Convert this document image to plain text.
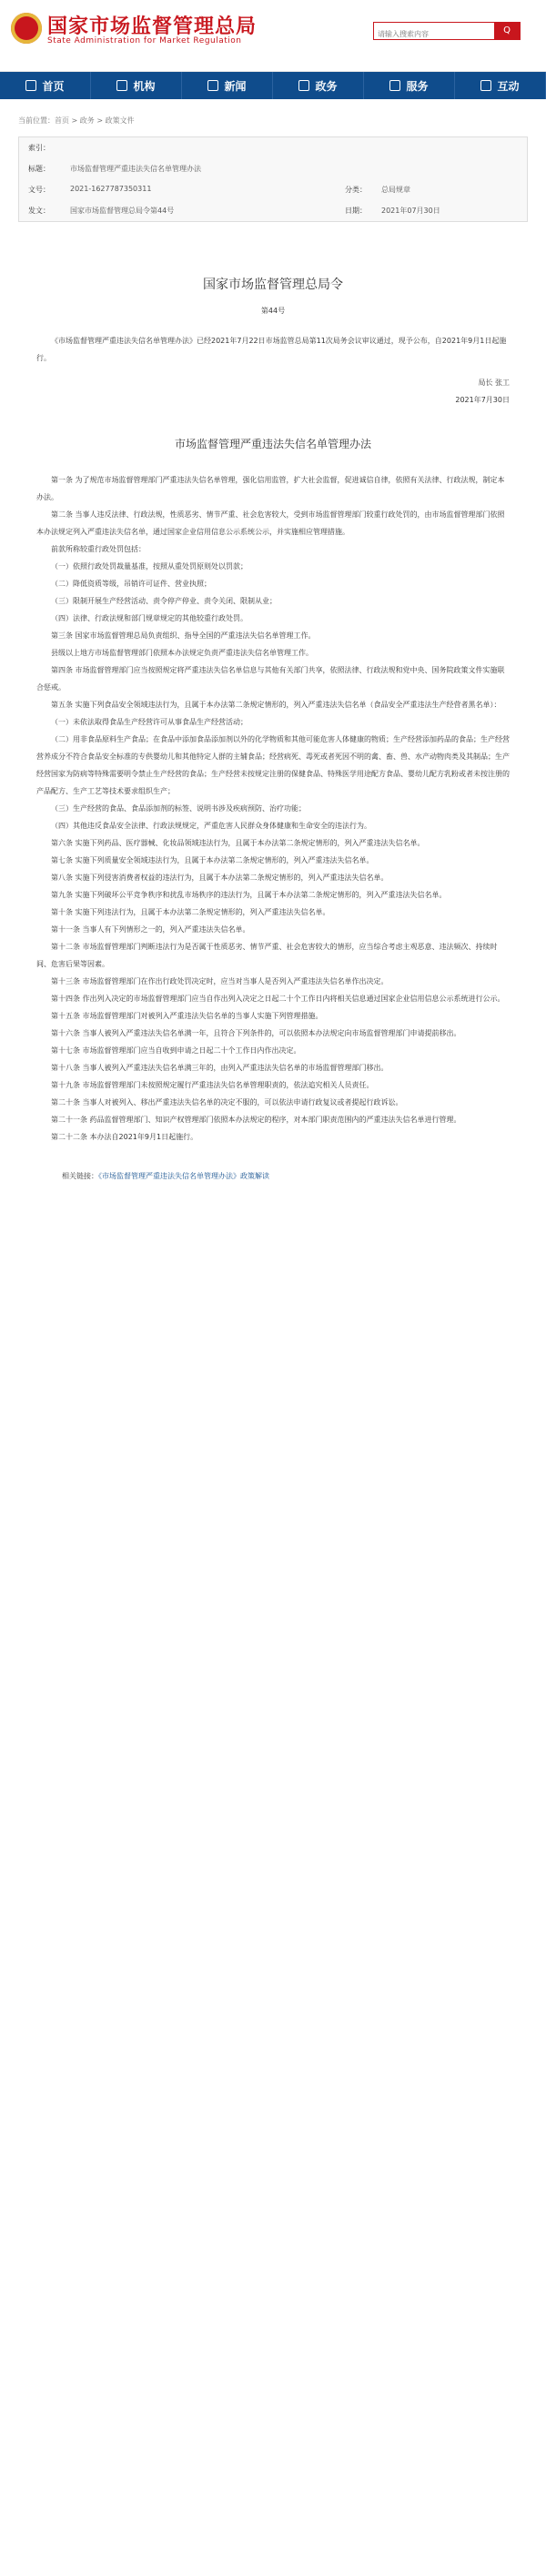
国家市场监督管理总局
State Administration for Market Regulation
请输入搜索内容
Q
首页	机构	新闻	政务	服务	互动
当前位置：首页 > 政务 > 政策文件
索引：
标题：	市场监督管理严重违法失信名单管理办法
文号：	2021-1627787350311	分类：	总局规章
发文：	国家市场监督管理总局令第44号	日期：	2021年07月30日
国家市场监督管理总局令
第44号

《市场监督管理严重违法失信名单管理办法》已经2021年7月22日市场监管总局第11次局务会议审议通过，现予公布，自2021年9月1日起施行。

局长 张工
2021年7月30日
市场监督管理严重违法失信名单管理办法

第一条 为了规范市场监督管理部门严重违法失信名单管理，强化信用监管，扩大社会监督，促进诚信自律，依照有关法律、行政法规，制定本办法。

第二条 当事人违反法律、行政法规，性质恶劣、情节严重、社会危害较大，受到市场监督管理部门较重行政处罚的，由市场监督管理部门依照本办法规定列入严重违法失信名单，通过国家企业信用信息公示系统公示，并实施相应管理措施。

前款所称较重行政处罚包括：

（一）依照行政处罚裁量基准，按照从重处罚原则处以罚款；

（二）降低资质等级，吊销许可证件、营业执照；

（三）限制开展生产经营活动、责令停产停业、责令关闭、限制从业；

（四）法律、行政法规和部门规章规定的其他较重行政处罚。

第三条 国家市场监督管理总局负责组织、指导全国的严重违法失信名单管理工作。

县级以上地方市场监督管理部门依照本办法规定负责严重违法失信名单管理工作。

第四条 市场监督管理部门应当按照规定将严重违法失信名单信息与其他有关部门共享，依照法律、行政法规和党中央、国务院政策文件实施联合惩戒。

第五条 实施下列食品安全领域违法行为，且属于本办法第二条规定情形的，列入严重违法失信名单（食品安全严重违法生产经营者黑名单）：

（一）未依法取得食品生产经营许可从事食品生产经营活动；

（二）用非食品原料生产食品；在食品中添加食品添加剂以外的化学物质和其他可能危害人体健康的物质；生产经营添加药品的食品；生产经营营养成分不符合食品安全标准的专供婴幼儿和其他特定人群的主辅食品；经营病死、毒死或者死因不明的禽、畜、兽、水产动物肉类及其制品；生产经营国家为防病等特殊需要明令禁止生产经营的食品；生产经营未按规定注册的保健食品、特殊医学用途配方食品、婴幼儿配方乳粉或者未按注册的产品配方、生产工艺等技术要求组织生产；

（三）生产经营的食品、食品添加剂的标签、说明书涉及疾病预防、治疗功能；

（四）其他违反食品安全法律、行政法规规定，严重危害人民群众身体健康和生命安全的违法行为。

第六条 实施下列药品、医疗器械、化妆品领域违法行为，且属于本办法第二条规定情形的，列入严重违法失信名单。

第七条 实施下列质量安全领域违法行为，且属于本办法第二条规定情形的，列入严重违法失信名单。

第八条 实施下列侵害消费者权益的违法行为，且属于本办法第二条规定情形的，列入严重违法失信名单。

第九条 实施下列破坏公平竞争秩序和扰乱市场秩序的违法行为，且属于本办法第二条规定情形的，列入严重违法失信名单。

第十条 实施下列违法行为，且属于本办法第二条规定情形的，列入严重违法失信名单。

第十一条 当事人有下列情形之一的，列入严重违法失信名单。

第十二条 市场监督管理部门判断违法行为是否属于性质恶劣、情节严重、社会危害较大的情形，应当综合考虑主观恶意、违法频次、持续时间、危害后果等因素。

第十三条 市场监督管理部门在作出行政处罚决定时，应当对当事人是否列入严重违法失信名单作出决定。

第十四条 作出列入决定的市场监督管理部门应当自作出列入决定之日起二十个工作日内将相关信息通过国家企业信用信息公示系统进行公示。

第十五条 市场监督管理部门对被列入严重违法失信名单的当事人实施下列管理措施。

第十六条 当事人被列入严重违法失信名单满一年，且符合下列条件的，可以依照本办法规定向市场监督管理部门申请提前移出。

第十七条 市场监督管理部门应当自收到申请之日起二十个工作日内作出决定。

第十八条 当事人被列入严重违法失信名单满三年的，由列入严重违法失信名单的市场监督管理部门移出。

第十九条 市场监督管理部门未按照规定履行严重违法失信名单管理职责的，依法追究相关人员责任。

第二十条 当事人对被列入、移出严重违法失信名单的决定不服的，可以依法申请行政复议或者提起行政诉讼。

第二十一条 药品监督管理部门、知识产权管理部门依照本办法规定的程序，对本部门职责范围内的严重违法失信名单进行管理。

第二十二条 本办法自2021年9月1日起施行。

相关链接：《市场监督管理严重违法失信名单管理办法》政策解读
